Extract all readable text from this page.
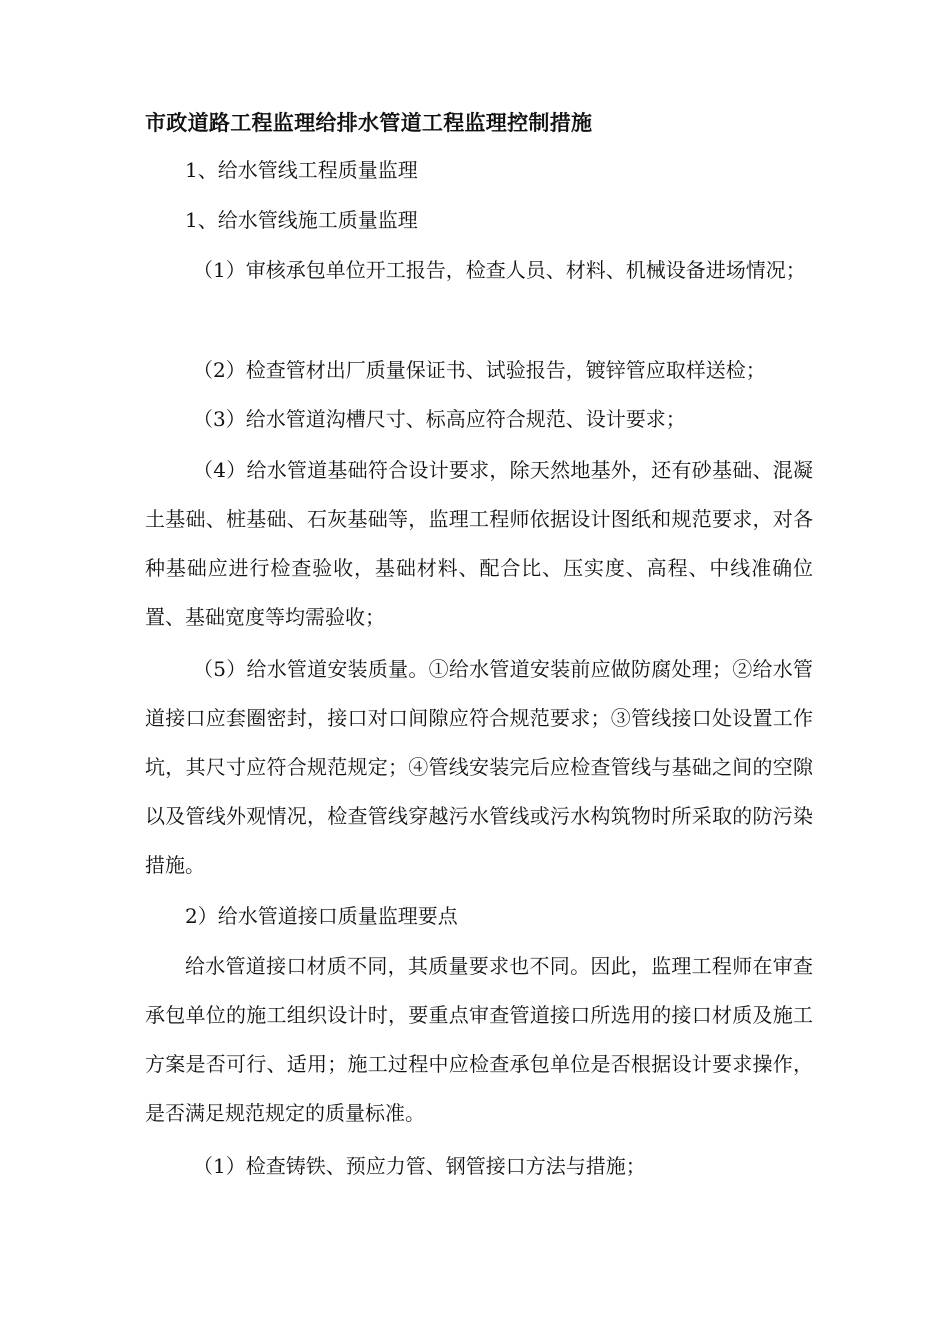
市政道路工程监理给排水管道工程监理控制措施

1、给水管线工程质量监理

1、给水管线施工质量监理

（1）审核承包单位开工报告，检查人员、材料、机械设备进场情况；

（2）检查管材出厂质量保证书、试验报告，镀锌管应取样送检；

（3）给水管道沟槽尺寸、标高应符合规范、设计要求；

（4）给水管道基础符合设计要求，除天然地基外，还有砂基础、混凝土基础、桩基础、石灰基础等，监理工程师依据设计图纸和规范要求，对各种基础应进行检查验收，基础材料、配合比、压实度、高程、中线准确位置、基础宽度等均需验收；

（5）给水管道安装质量。①给水管道安装前应做防腐处理；②给水管道接口应套圈密封，接口对口间隙应符合规范要求；③管线接口处设置工作坑，其尺寸应符合规范规定；④管线安装完后应检查管线与基础之间的空隙以及管线外观情况，检查管线穿越污水管线或污水构筑物时所采取的防污染措施。

2）给水管道接口质量监理要点

给水管道接口材质不同，其质量要求也不同。因此，监理工程师在审查承包单位的施工组织设计时，要重点审查管道接口所选用的接口材质及施工方案是否可行、适用；施工过程中应检查承包单位是否根据设计要求操作，是否满足规范规定的质量标准。

（1）检查铸铁、预应力管、钢管接口方法与措施；
